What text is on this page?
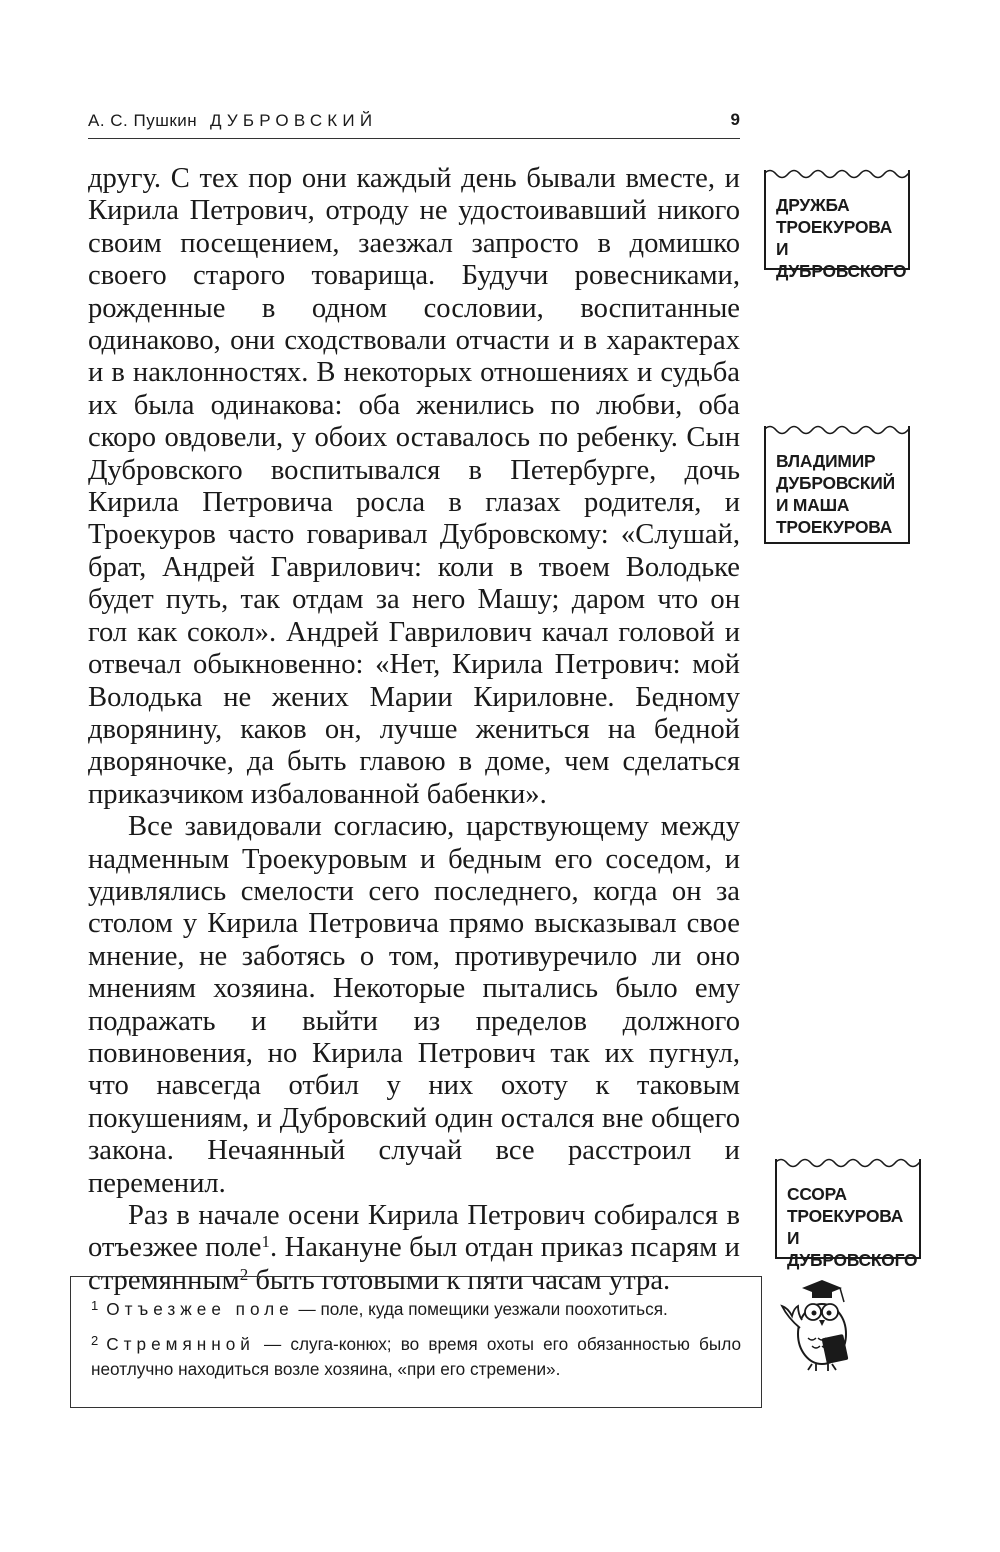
А. С. Пушкин ДУБРОВСКИЙ	9

другу. С тех пор они каждый день бывали вместе, и Кирила Петрович, отроду не удостоивавший никого своим посещением, заезжал запросто в домишко своего старого товарища. Будучи ровесниками, рожденные в одном сословии, воспитанные одинаково, они сходствовали отчасти и в характерах и в наклонностях. В некоторых отношениях и судьба их была одинакова: оба женились по любви, оба скоро овдовели, у обоих оставалось по ребенку. Сын Дубровского воспитывался в Петербурге, дочь Кирила Петровича росла в глазах родителя, и Троекуров часто говаривал Дубровскому: «Слушай, брат, Андрей Гаврилович: коли в твоем Володьке будет путь, так отдам за него Машу; даром что он гол как сокол». Андрей Гаврилович качал головой и отвечал обыкновенно: «Нет, Кирила Петрович: мой Володька не жених Марии Кириловне. Бедному дворянину, каков он, лучше жениться на бедной дворяночке, да быть главою в доме, чем сделаться приказчиком избалованной бабенки».

Все завидовали согласию, царствующему между надменным Троекуровым и бедным его соседом, и удивлялись смелости сего последнего, когда он за столом у Кирила Петровича прямо высказывал свое мнение, не заботясь о том, противуречило ли оно мнениям хозяина. Некоторые пытались было ему подражать и выйти из пределов должного повиновения, но Кирила Петрович так их пугнул, что навсегда отбил у них охоту к таковым покушениям, и Дубровский один остался вне общего закона. Нечаянный случай все расстроил и переменил.

Раз в начале осени Кирила Петрович собирался в отъезжее поле$^1$. Накануне был отдан приказ псарям и стремянным$^2$ быть готовыми к пяти часам утра.

ДРУЖБА
ТРОЕКУРОВА И
ДУБРОВСКОГО
ВЛАДИМИР
ДУБРОВСКИЙ
И МАША
ТРОЕКУРОВА
ССОРА
ТРОЕКУРОВА И
ДУБРОВСКОГО

$^1$ Отъезжее поле — поле, куда помещики уезжали поохотиться.

$^2$ Стремянной — слуга-конюх; во время охоты его обязанностью было неотлучно находиться возле хозяина, «при его стремени».
